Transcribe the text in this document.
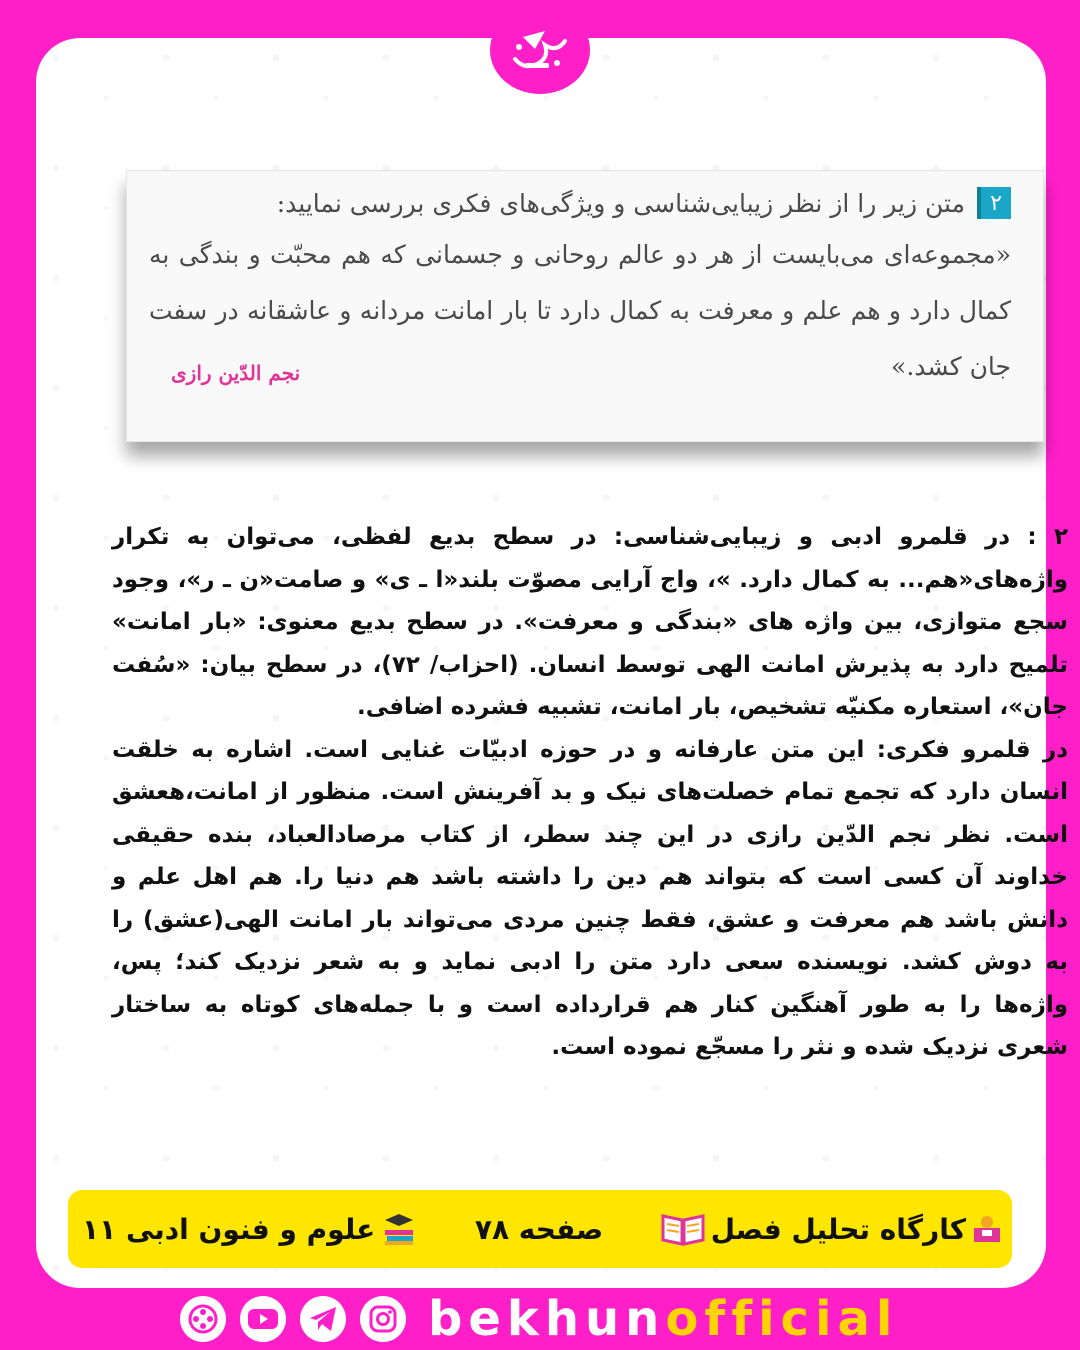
۲
متن زیر را از نظر زیبایی‌شناسی و ویژگی‌های فکری بررسی نمایید:
«مجموعه‌ای می‌بایست از هر دو عالم روحانی و جسمانی که هم محبّت و بندگی به کمال دارد و هم علم و معرفت به کمال دارد تا بار امانت مردانه و عاشقانه در سفت جان کشد.»
نجم الدّین رازی

۲ : در قلمرو ادبی و زیبایی‌شناسی: در سطح بدیع لفظی، می‌توان به تکرار واژه‌های«هم... به کمال دارد. »، واج آرایی مصوّت بلند«ا ـ ی» و صامت«ن ـ ر»، وجود سجع متوازی، بین واژه های «بندگی و معرفت». در سطح بدیع معنوی: «بار امانت» تلمیح دارد به پذیرش امانت الهی توسط انسان. (احزاب/ ۷۲)، در سطح بیان: «سُفت جان»، استعاره مکنیّه تشخیص، بار امانت، تشبیه فشرده اضافی.

در قلمرو فکری: این متن عارفانه و در حوزه ادبیّات غنایی است. اشاره به خلقت انسان دارد که تجمع تمام خصلت‌های نیک و بد آفرینش است. منظور از امانت،هعشق است. نظر نجم الدّین رازی در این چند سطر، از کتاب مرصادالعباد، بنده حقیقی خداوند آن کسی است که بتواند هم دین را داشته باشد هم دنیا را. هم اهل علم و دانش باشد هم معرفت و عشق، فقط چنین مردی می‌تواند بار امانت الهی(عشق) را به دوش کشد. نویسنده سعی دارد متن را ادبی نماید و به شعر نزدیک کند؛ پس، واژه‌ها را به طور آهنگین کنار هم قرارداده است و با جمله‌های کوتاه به ساختار شعری نزدیک شده و نثر را مسجّع نموده است.

کارگاه تحلیل فصل
صفحه ۷۸
علوم و فنون ادبی ۱۱
bekhunofficial
